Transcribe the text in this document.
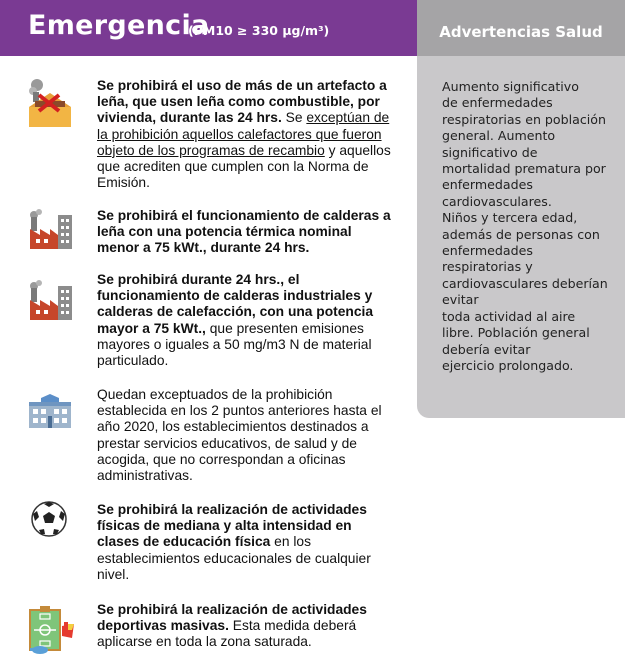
Emergencia
(PM10 ≥ 330 µg/m³)	Advertencias Salud
Aumento significativo
de enfermedades
respiratorias en población
general. Aumento
significativo de
mortalidad prematura por
enfermedades
cardiovasculares.
Niños y tercera edad,
además de personas con
enfermedades
respiratorias y
cardiovasculares deberían
evitar
toda actividad al aire
libre. Población general
debería evitar
ejercicio prolongado.
Se prohibirá el uso de más de un artefacto a leña, que usen leña como combustible, por vivienda, durante las 24 hrs. Se exceptúan de la prohibición aquellos calefactores que fueron objeto de los programas de recambio y aquellos que acrediten que cumplen con la Norma de Emisión.
Se prohibirá el funcionamiento de calderas a leña con una potencia térmica nominal menor a 75 kWt., durante 24 hrs.
Se prohibirá durante 24 hrs., el funcionamiento de calderas industriales y calderas de calefacción, con una potencia mayor a 75 kWt., que presenten emisiones mayores o iguales a 50 mg/m3 N de material particulado.
Quedan exceptuados de la prohibición establecida en los 2 puntos anteriores hasta el año 2020, los establecimientos destinados a prestar servicios educativos, de salud y de acogida, que no correspondan a oficinas administrativas.
Se prohibirá la realización de actividades físicas de mediana y alta intensidad en clases de educación física en los establecimientos educacionales de cualquier nivel.
Se prohibirá la realización de actividades deportivas masivas. Esta medida deberá aplicarse en toda la zona saturada.
